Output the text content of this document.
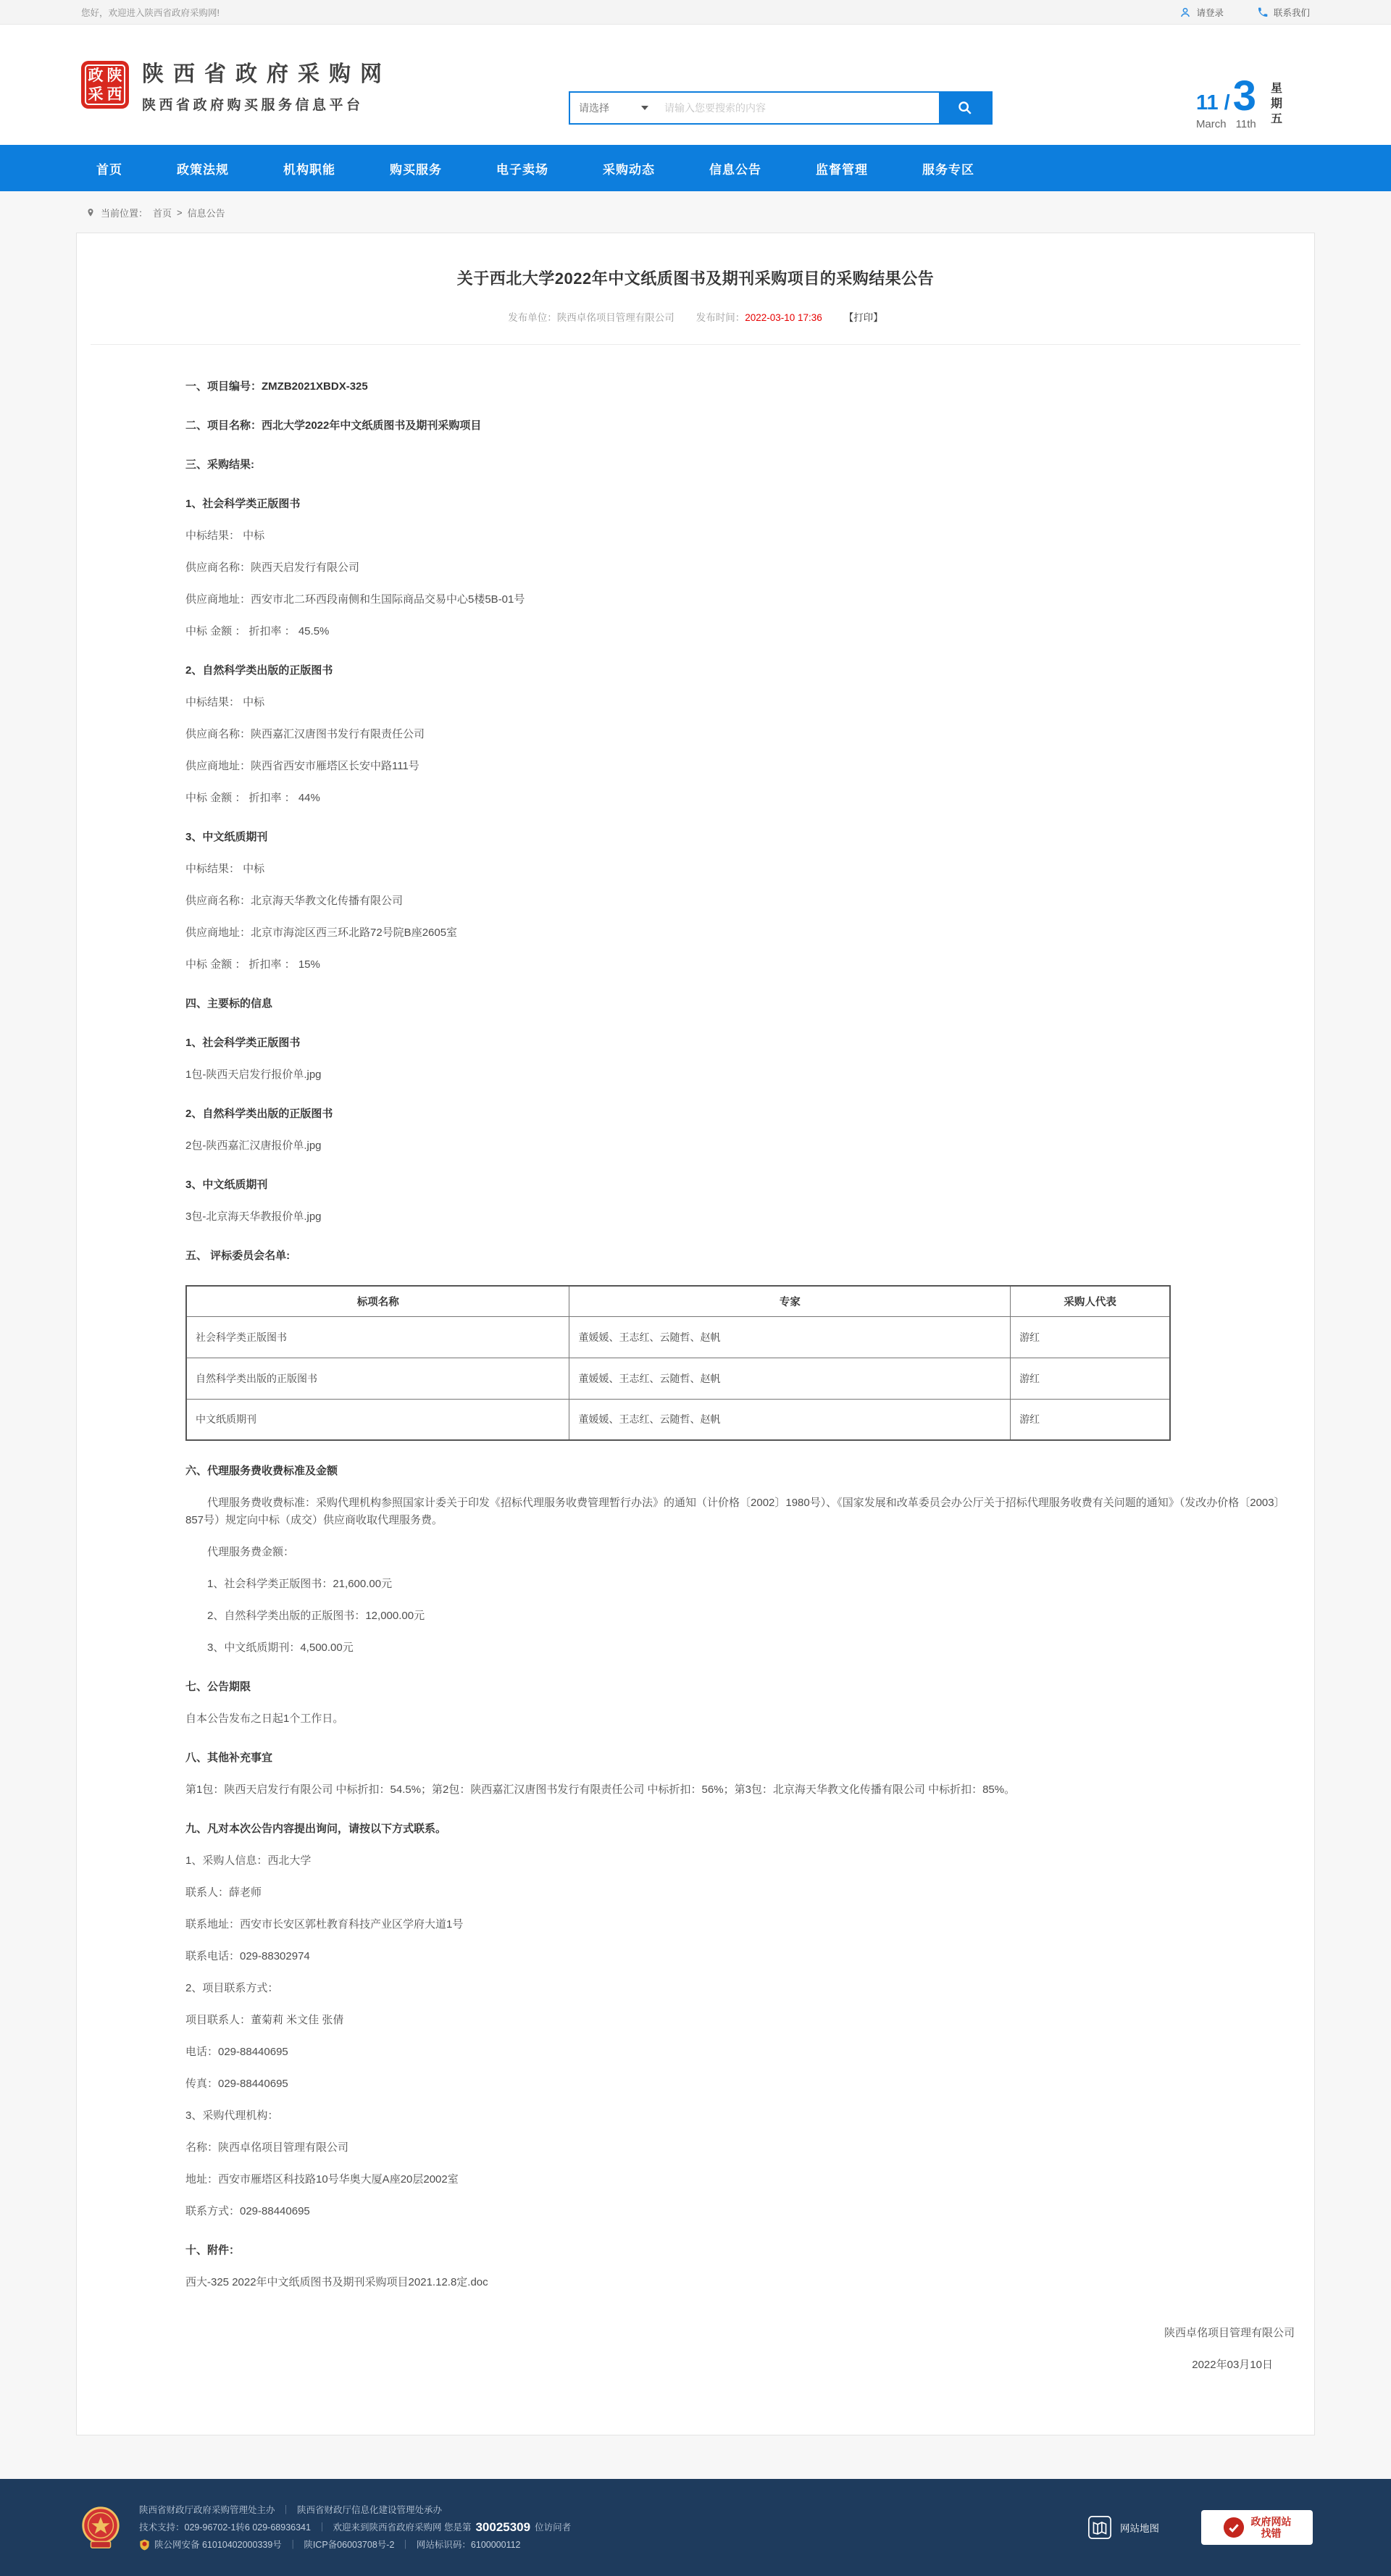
您好，欢迎进入陕西省政府采购网!	请登录	联系我们
政 陕
采 西
陕西省政府采购网
陕西省政府购买服务信息平台	请选择
请输入您要搜索的内容	11 / 3
March 11th
星
期
五
首页	政策法规	机构职能	购买服务	电子卖场	采购动态	信息公告	监督管理	服务专区
当前位置： 首页 > 信息公告
关于西北大学2022年中文纸质图书及期刊采购项目的采购结果公告
发布单位：陕西卓佲项目管理有限公司 发布时间：2022-03-10 17:36 【打印】
一、项目编号：ZMZB2021XBDX-325
二、项目名称：西北大学2022年中文纸质图书及期刊采购项目
三、采购结果:
1、社会科学类正版图书
中标结果： 中标
供应商名称：陕西天启发行有限公司
供应商地址：西安市北二环西段南侧和生国际商品交易中心5楼5B-01号
中标 金额 ： 折扣率 ： 45.5%
2、自然科学类出版的正版图书
中标结果： 中标
供应商名称：陕西嘉汇汉唐图书发行有限责任公司
供应商地址：陕西省西安市雁塔区长安中路111号
中标 金额 ： 折扣率 ： 44%
3、中文纸质期刊
中标结果： 中标
供应商名称：北京海天华教文化传播有限公司
供应商地址：北京市海淀区西三环北路72号院B座2605室
中标 金额 ： 折扣率 ： 15%
四、主要标的信息
1、社会科学类正版图书
1包-陕西天启发行报价单.jpg
2、自然科学类出版的正版图书
2包-陕西嘉汇汉唐报价单.jpg
3、中文纸质期刊
3包-北京海天华教报价单.jpg
五、 评标委员会名单:
标项名称	专家	采购人代表
社会科学类正版图书	董媛媛、王志红、云随哲、赵帆	游红
自然科学类出版的正版图书	董媛媛、王志红、云随哲、赵帆	游红
中文纸质期刊	董媛媛、王志红、云随哲、赵帆	游红
六、代理服务费收费标准及金额
代理服务费收费标准：采购代理机构参照国家计委关于印发《招标代理服务收费管理暂行办法》的通知（计价格〔2002〕1980号）、《国家发展和改革委员会办公厅关于招标代理服务收费有关问题的通知》（发改办价格〔2003〕857号）规定向中标（成交）供应商收取代理服务费。
代理服务费金额：
1、社会科学类正版图书：21,600.00元
2、自然科学类出版的正版图书：12,000.00元
3、中文纸质期刊：4,500.00元
七、公告期限
自本公告发布之日起1个工作日。
八、其他补充事宜
第1包：陕西天启发行有限公司 中标折扣：54.5%；第2包：陕西嘉汇汉唐图书发行有限责任公司 中标折扣：56%；第3包：北京海天华教文化传播有限公司 中标折扣：85%。
九、凡对本次公告内容提出询问，请按以下方式联系。
1、采购人信息：西北大学
联系人：薛老师
联系地址：西安市长安区郭杜教育科技产业区学府大道1号
联系电话：029-88302974
2、项目联系方式：
项目联系人：董菊莉 米文佳 张倩
电话：029-88440695
传真：029-88440695
3、采购代理机构：
名称：陕西卓佲项目管理有限公司
地址：西安市雁塔区科技路10号华奥大厦A座20层2002室
联系方式：029-88440695
十、附件：
西大-325 2022年中文纸质图书及期刊采购项目2021.12.8定.doc
陕西卓佲项目管理有限公司
2022年03月10日
陕西省财政厅政府采购管理处主办 ｜ 陕西省财政厅信息化建设管理处承办
技术支持：029-96702-1转6 029-68936341 ｜ 欢迎来到陕西省政府采购网 您是第 30025309 位访问者
陕公网安备 61010402000339号 ｜ 陕ICP备06003708号-2 ｜ 网站标识码：6100000112
网站地图
政府网站
找错
